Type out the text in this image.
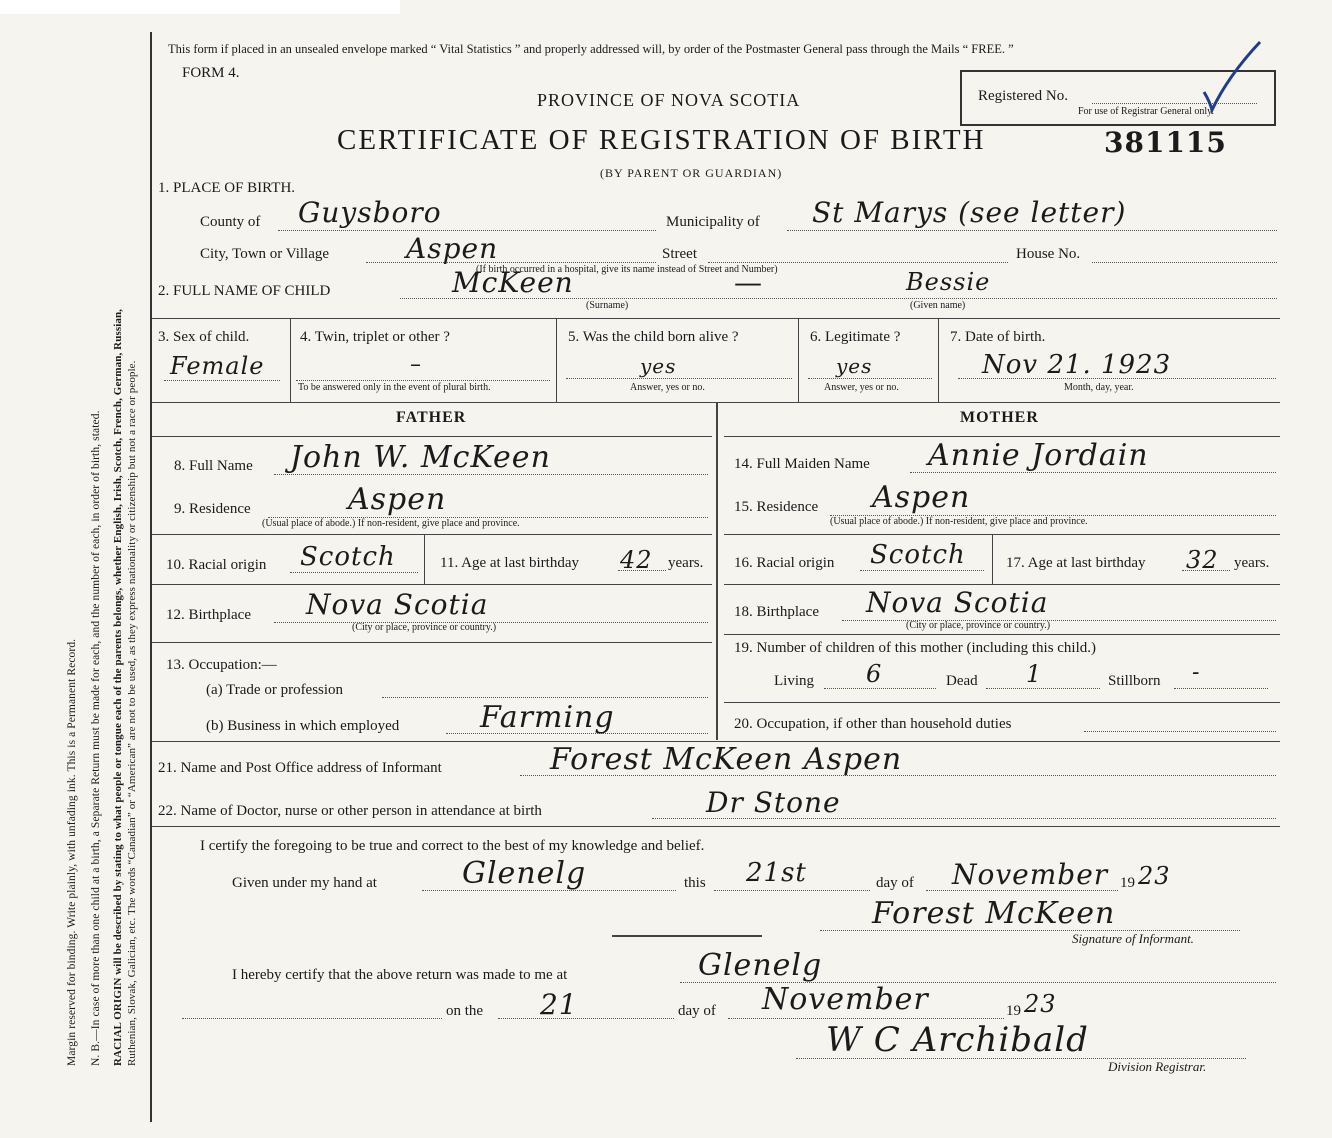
Margin reserved for binding. Write plainly, with unfading ink. This is a Permanent Record. N. B.—In case of more than one child at a birth, a Separate Return must be made for each, and the number of each, in order of birth, stated. RACIAL ORIGIN will be described by stating to what people or tongue each of the parents belongs, whether English, Irish, Scotch, French, German, Russian, Ruthenian, Slovak, Galician, etc. The words “Canadian” or “American” are not to be used, as they express nationality or citizenship but not a race or people.
This form if placed in an unsealed envelope marked “ Vital Statistics ” and properly addressed will, by order of the Postmaster General pass through the Mails “ FREE. ”
FORM 4.
PROVINCE OF NOVA SCOTIA
CERTIFICATE OF REGISTRATION OF BIRTH	381115
(BY PARENT OR GUARDIAN)
Registered No.
For use of Registrar General only.
1. PLACE OF BIRTH.
County of Guysboro	Municipality of St Marys (see letter)
City, Town or Village	Aspen	Street	House No.
(If birth occurred in a hospital, give its name instead of Street and Number)
2. FULL NAME OF CHILD	McKeen	—	Bessie
(Surname)	(Given name)
3. Sex of child.
Female
4. Twin, triplet or other ?
–
To be answered only in the event of plural birth.
5. Was the child born alive ?
yes
Answer, yes or no.
6. Legitimate ?
yes
Answer, yes or no.
7. Date of birth.
Nov 21. 1923
Month, day, year.
FATHER	MOTHER
8. Full Name John W. McKeen
9. Residence	Aspen
(Usual place of abode.) If non-resident, give place and province.
10. Racial origin Scotch	11. Age at last birthday 42 years.
12. Birthplace Nova Scotia
(City or place, province or country.)
13. Occupation:—
(a) Trade or profession
(b) Business in which employed	Farming
14. Full Maiden Name Annie Jordain
15. Residence Aspen
(Usual place of abode.) If non-resident, give place and province.
16. Racial origin Scotch	17. Age at last birthday 32 years.
18. Birthplace Nova Scotia
(City or place, province or country.)
19. Number of children of this mother (including this child.)
Living 6	Dead 1	Stillborn -
20. Occupation, if other than household duties
21. Name and Post Office address of Informant	Forest McKeen Aspen
22. Name of Doctor, nurse or other person in attendance at birth	Dr Stone
I certify the foregoing to be true and correct to the best of my knowledge and belief.
Given under my hand at	Glenelg	this 21st	day of November 19 23
Forest McKeen
Signature of Informant.
I hereby certify that the above return was made to me at	Glenelg
on the 21	day of November	19 23
W C Archibald
Division Registrar.
